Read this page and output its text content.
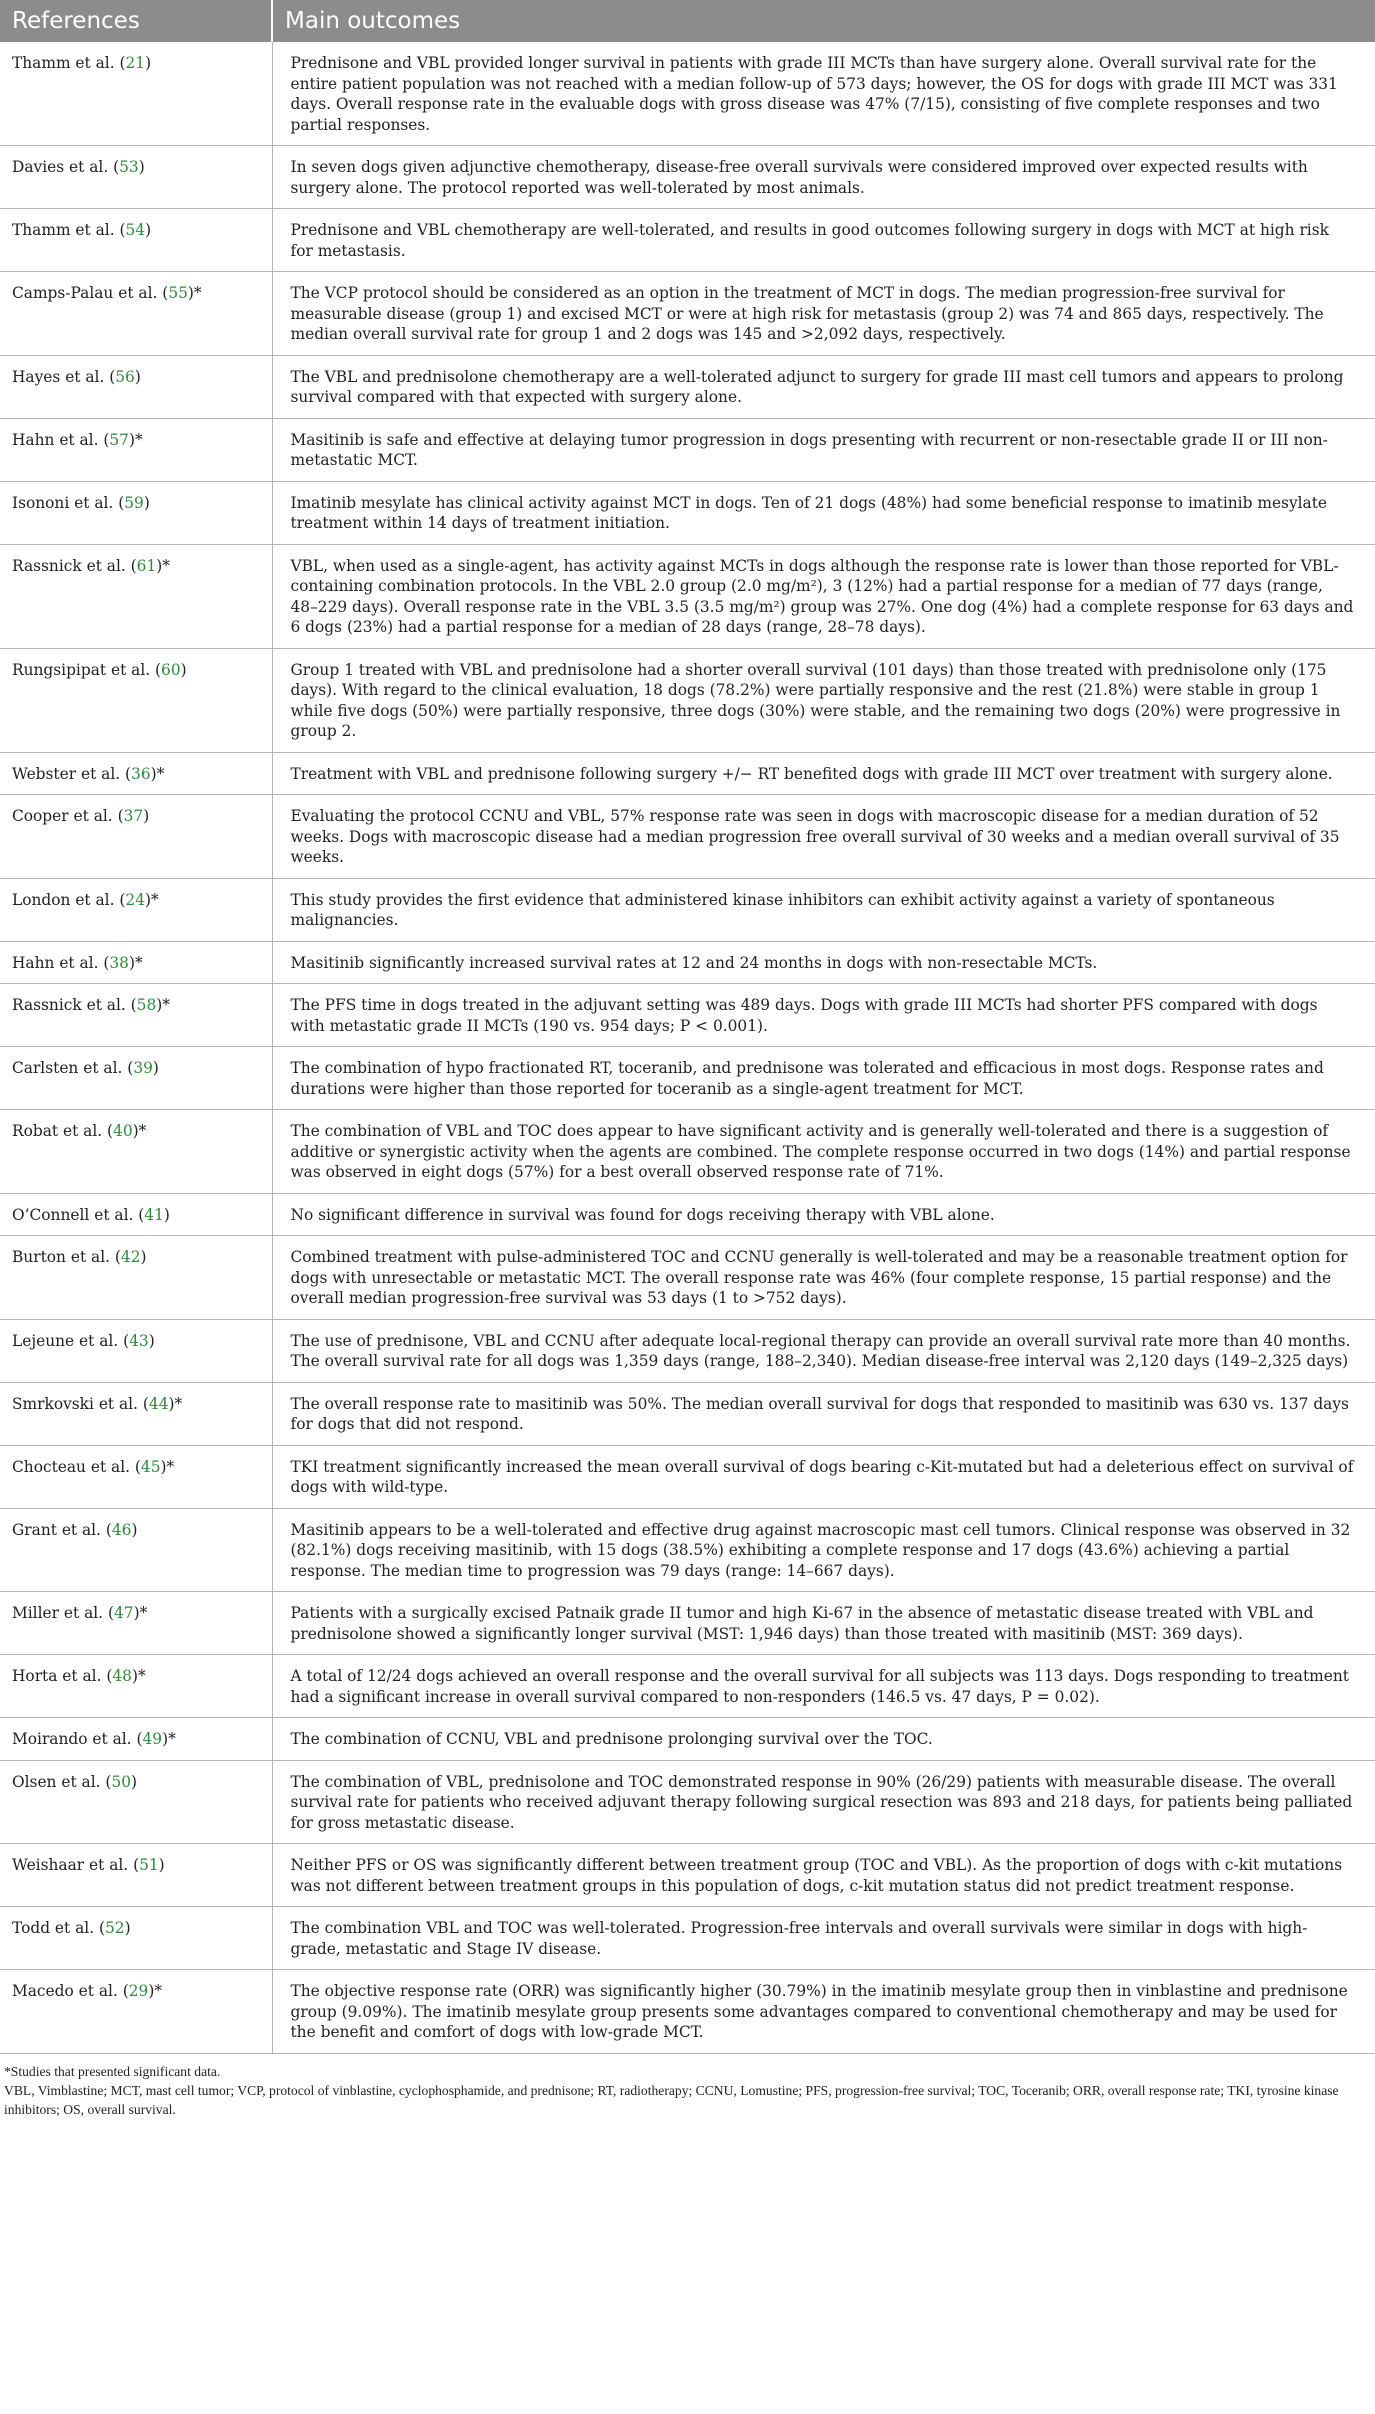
References	Main outcomes
Thamm et al. (21)	Prednisone and VBL provided longer survival in patients with grade III MCTs than have surgery alone. Overall survival rate for the entire patient population was not reached with a median follow-up of 573 days; however, the OS for dogs with grade III MCT was 331 days. Overall response rate in the evaluable dogs with gross disease was 47% (7/15), consisting of five complete responses and two partial responses.
Davies et al. (53)	In seven dogs given adjunctive chemotherapy, disease-free overall survivals were considered improved over expected results with surgery alone. The protocol reported was well-tolerated by most animals.
Thamm et al. (54)	Prednisone and VBL chemotherapy are well-tolerated, and results in good outcomes following surgery in dogs with MCT at high risk for metastasis.
Camps-Palau et al. (55)*	The VCP protocol should be considered as an option in the treatment of MCT in dogs. The median progression-free survival for measurable disease (group 1) and excised MCT or were at high risk for metastasis (group 2) was 74 and 865 days, respectively. The median overall survival rate for group 1 and 2 dogs was 145 and >2,092 days, respectively.
Hayes et al. (56)	The VBL and prednisolone chemotherapy are a well-tolerated adjunct to surgery for grade III mast cell tumors and appears to prolong survival compared with that expected with surgery alone.
Hahn et al. (57)*	Masitinib is safe and effective at delaying tumor progression in dogs presenting with recurrent or non-resectable grade II or III non-metastatic MCT.
Isononi et al. (59)	Imatinib mesylate has clinical activity against MCT in dogs. Ten of 21 dogs (48%) had some beneficial response to imatinib mesylate treatment within 14 days of treatment initiation.
Rassnick et al. (61)*	VBL, when used as a single-agent, has activity against MCTs in dogs although the response rate is lower than those reported for VBL-containing combination protocols. In the VBL 2.0 group (2.0 mg/m²), 3 (12%) had a partial response for a median of 77 days (range, 48–229 days). Overall response rate in the VBL 3.5 (3.5 mg/m²) group was 27%. One dog (4%) had a complete response for 63 days and 6 dogs (23%) had a partial response for a median of 28 days (range, 28–78 days).
Rungsipipat et al. (60)	Group 1 treated with VBL and prednisolone had a shorter overall survival (101 days) than those treated with prednisolone only (175 days). With regard to the clinical evaluation, 18 dogs (78.2%) were partially responsive and the rest (21.8%) were stable in group 1 while five dogs (50%) were partially responsive, three dogs (30%) were stable, and the remaining two dogs (20%) were progressive in group 2.
Webster et al. (36)*	Treatment with VBL and prednisone following surgery +/− RT benefited dogs with grade III MCT over treatment with surgery alone.
Cooper et al. (37)	Evaluating the protocol CCNU and VBL, 57% response rate was seen in dogs with macroscopic disease for a median duration of 52 weeks. Dogs with macroscopic disease had a median progression free overall survival of 30 weeks and a median overall survival of 35 weeks.
London et al. (24)*	This study provides the first evidence that administered kinase inhibitors can exhibit activity against a variety of spontaneous malignancies.
Hahn et al. (38)*	Masitinib significantly increased survival rates at 12 and 24 months in dogs with non-resectable MCTs.
Rassnick et al. (58)*	The PFS time in dogs treated in the adjuvant setting was 489 days. Dogs with grade III MCTs had shorter PFS compared with dogs with metastatic grade II MCTs (190 vs. 954 days; P < 0.001).
Carlsten et al. (39)	The combination of hypo fractionated RT, toceranib, and prednisone was tolerated and efficacious in most dogs. Response rates and durations were higher than those reported for toceranib as a single-agent treatment for MCT.
Robat et al. (40)*	The combination of VBL and TOC does appear to have significant activity and is generally well-tolerated and there is a suggestion of additive or synergistic activity when the agents are combined. The complete response occurred in two dogs (14%) and partial response was observed in eight dogs (57%) for a best overall observed response rate of 71%.
O’Connell et al. (41)	No significant difference in survival was found for dogs receiving therapy with VBL alone.
Burton et al. (42)	Combined treatment with pulse-administered TOC and CCNU generally is well-tolerated and may be a reasonable treatment option for dogs with unresectable or metastatic MCT. The overall response rate was 46% (four complete response, 15 partial response) and the overall median progression-free survival was 53 days (1 to >752 days).
Lejeune et al. (43)	The use of prednisone, VBL and CCNU after adequate local-regional therapy can provide an overall survival rate more than 40 months. The overall survival rate for all dogs was 1,359 days (range, 188–2,340). Median disease-free interval was 2,120 days (149–2,325 days)
Smrkovski et al. (44)*	The overall response rate to masitinib was 50%. The median overall survival for dogs that responded to masitinib was 630 vs. 137 days for dogs that did not respond.
Chocteau et al. (45)*	TKI treatment significantly increased the mean overall survival of dogs bearing c-Kit-mutated but had a deleterious effect on survival of dogs with wild-type.
Grant et al. (46)	Masitinib appears to be a well-tolerated and effective drug against macroscopic mast cell tumors. Clinical response was observed in 32 (82.1%) dogs receiving masitinib, with 15 dogs (38.5%) exhibiting a complete response and 17 dogs (43.6%) achieving a partial response. The median time to progression was 79 days (range: 14–667 days).
Miller et al. (47)*	Patients with a surgically excised Patnaik grade II tumor and high Ki-67 in the absence of metastatic disease treated with VBL and prednisolone showed a significantly longer survival (MST: 1,946 days) than those treated with masitinib (MST: 369 days).
Horta et al. (48)*	A total of 12/24 dogs achieved an overall response and the overall survival for all subjects was 113 days. Dogs responding to treatment had a significant increase in overall survival compared to non-responders (146.5 vs. 47 days, P = 0.02).
Moirando et al. (49)*	The combination of CCNU, VBL and prednisone prolonging survival over the TOC.
Olsen et al. (50)	The combination of VBL, prednisolone and TOC demonstrated response in 90% (26/29) patients with measurable disease. The overall survival rate for patients who received adjuvant therapy following surgical resection was 893 and 218 days, for patients being palliated for gross metastatic disease.
Weishaar et al. (51)	Neither PFS or OS was significantly different between treatment group (TOC and VBL). As the proportion of dogs with c-kit mutations was not different between treatment groups in this population of dogs, c-kit mutation status did not predict treatment response.
Todd et al. (52)	The combination VBL and TOC was well-tolerated. Progression-free intervals and overall survivals were similar in dogs with high-grade, metastatic and Stage IV disease.
Macedo et al. (29)*	The objective response rate (ORR) was significantly higher (30.79%) in the imatinib mesylate group then in vinblastine and prednisone group (9.09%). The imatinib mesylate group presents some advantages compared to conventional chemotherapy and may be used for the benefit and comfort of dogs with low-grade MCT.
*Studies that presented significant data.
VBL, Vimblastine; MCT, mast cell tumor; VCP, protocol of vinblastine, cyclophosphamide, and prednisone; RT, radiotherapy; CCNU, Lomustine; PFS, progression-free survival; TOC, Toceranib; ORR, overall response rate; TKI, tyrosine kinase inhibitors; OS, overall survival.
